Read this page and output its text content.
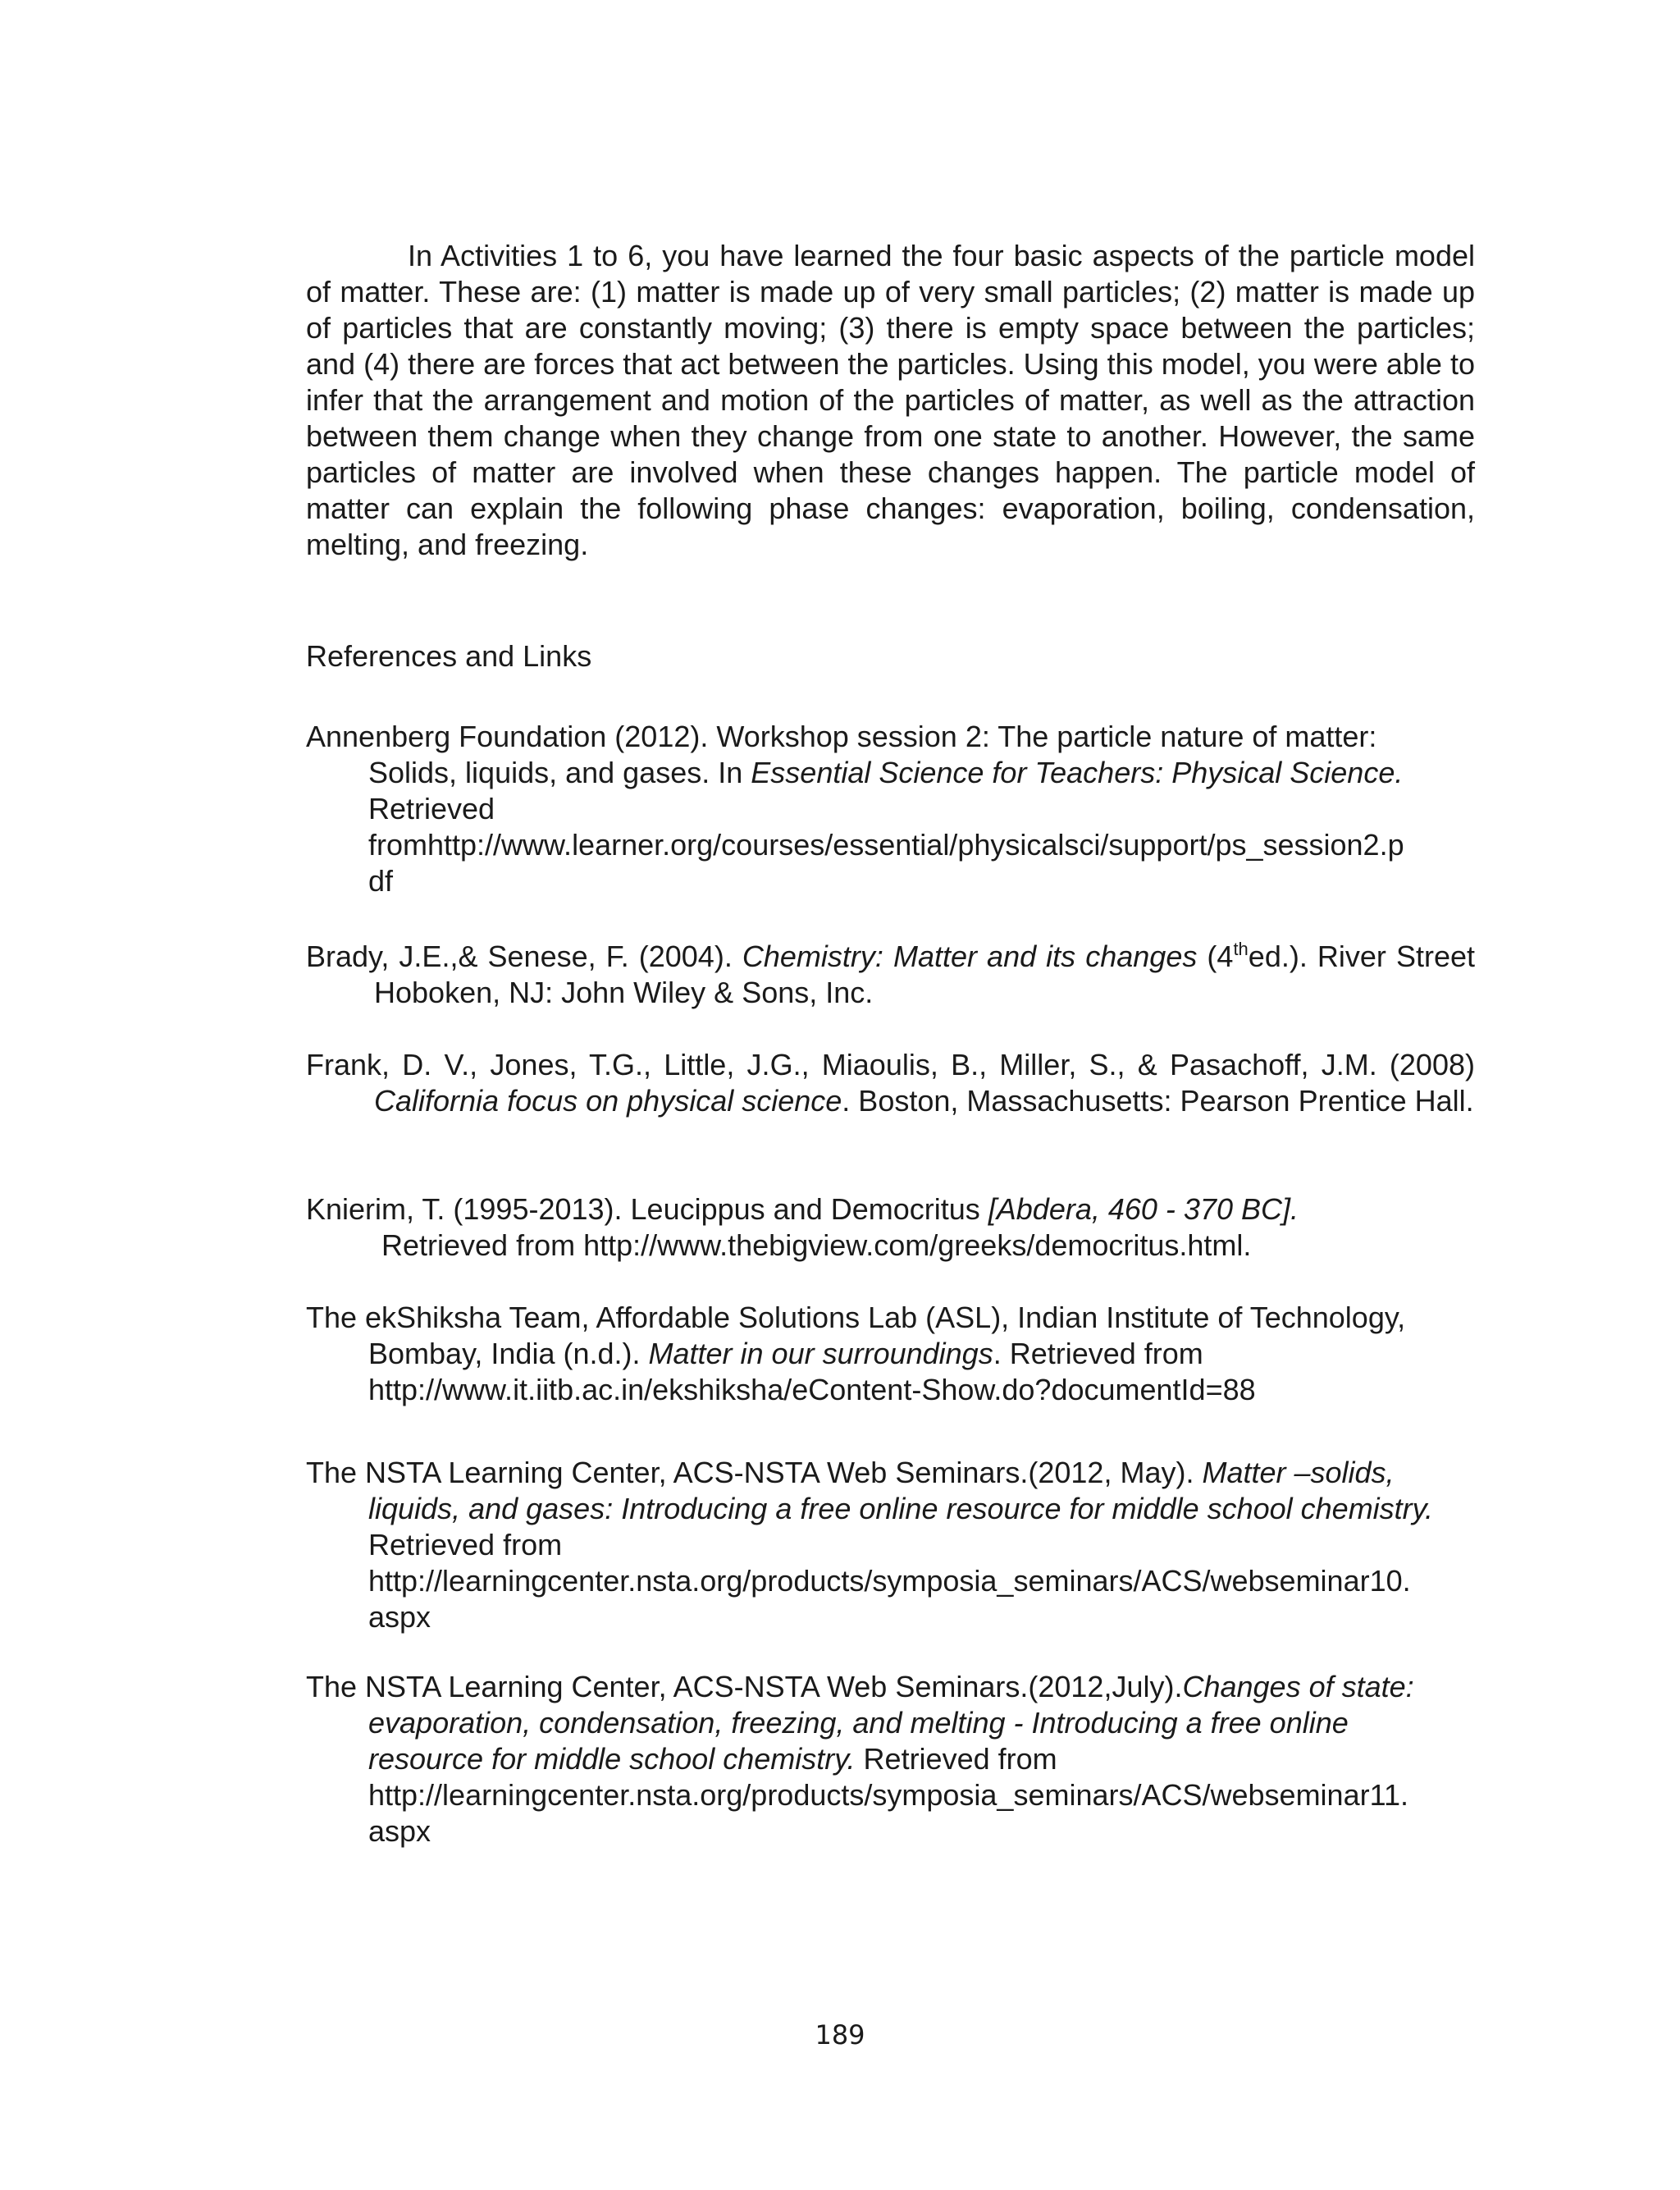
In Activities 1 to 6, you have learned the four basic aspects of the particle model of matter. These are: (1) matter is made up of very small particles; (2) matter is made up of particles that are constantly moving; (3) there is empty space between the particles; and (4) there are forces that act between the particles. Using this model, you were able to infer that the arrangement and motion of the particles of matter, as well as the attraction between them change when they change from one state to another. However, the same particles of matter are involved when these changes happen. The particle model of matter can explain the following phase changes: evaporation, boiling, condensation, melting, and freezing.

References and Links

Annenberg Foundation (2012). Workshop session 2: The particle nature of matter: Solids, liquids, and gases. In Essential Science for Teachers: Physical Science. Retrieved
fromhttp://www.learner.org/courses/essential/physicalsci/support/ps_session2.p
df

Brady, J.E.,& Senese, F. (2004). Chemistry: Matter and its changes (4thed.). River Street Hoboken, NJ: John Wiley & Sons, Inc.

Frank, D. V., Jones, T.G., Little, J.G., Miaoulis, B., Miller, S., & Pasachoff, J.M. (2008) California focus on physical science. Boston, Massachusetts: Pearson Prentice Hall.

Knierim, T. (1995-2013). Leucippus and Democritus [Abdera, 460 - 370 BC].
Retrieved from http://www.thebigview.com/greeks/democritus.html.

The ekShiksha Team, Affordable Solutions Lab (ASL), Indian Institute of Technology, Bombay, India (n.d.). Matter in our surroundings. Retrieved from
http://www.it.iitb.ac.in/ekshiksha/eContent-Show.do?documentId=88

The NSTA Learning Center, ACS-NSTA Web Seminars.(2012, May). Matter –solids, liquids, and gases: Introducing a free online resource for middle school chemistry. Retrieved from
http://learningcenter.nsta.org/products/symposia_seminars/ACS/webseminar10.
aspx

The NSTA Learning Center, ACS-NSTA Web Seminars.(2012,July).Changes of state: evaporation, condensation, freezing, and melting - Introducing a free online resource for middle school chemistry. Retrieved from
http://learningcenter.nsta.org/products/symposia_seminars/ACS/webseminar11.
aspx

189
